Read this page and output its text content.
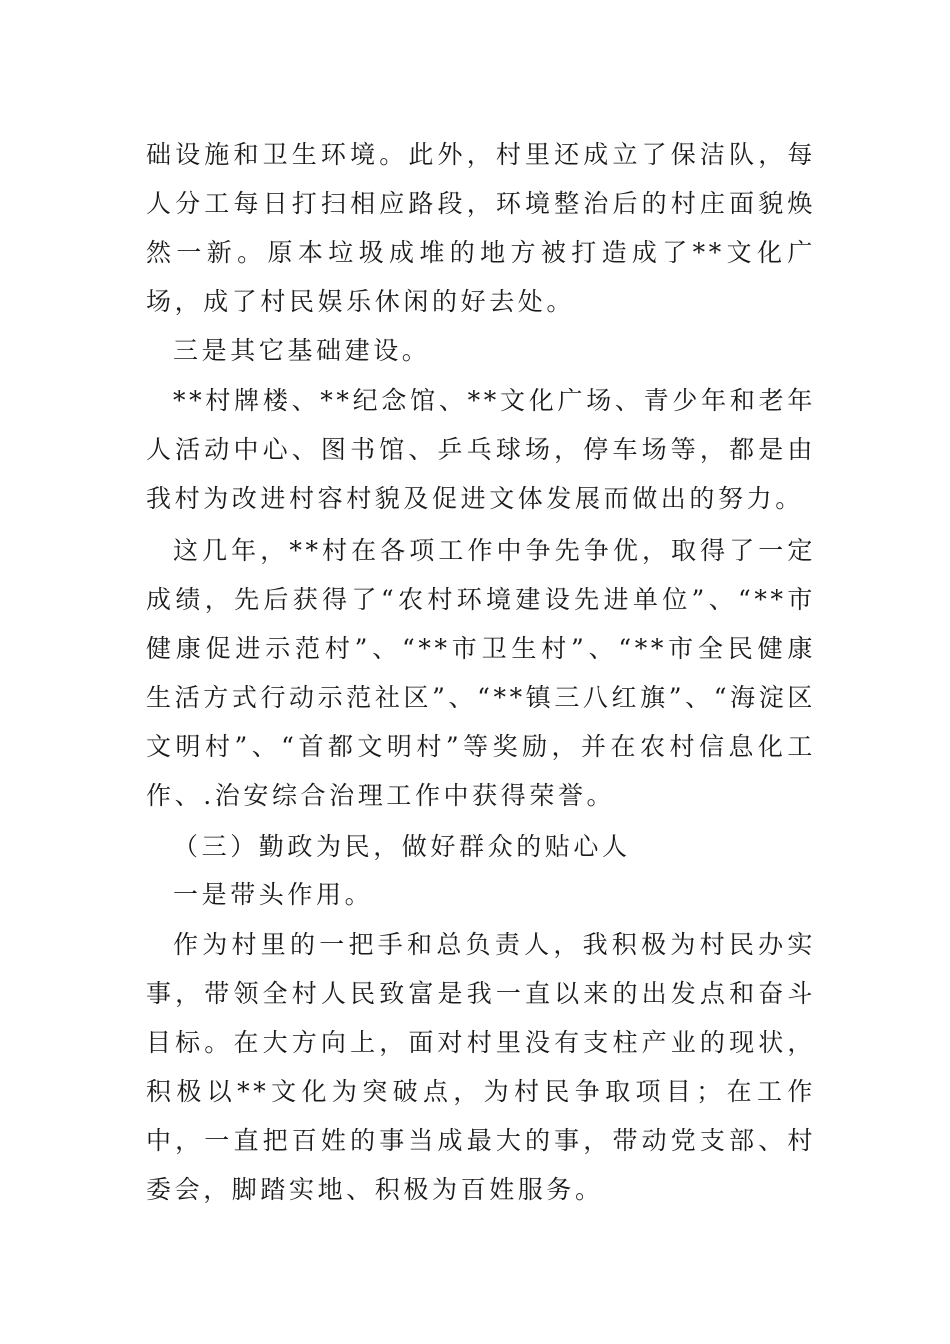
础设施和卫生环境。此外，村里还成立了保洁队，每人分工每日打扫相应路段，环境整治后的村庄面貌焕然一新。原本垃圾成堆的地方被打造成了**文化广场，成了村民娱乐休闲的好去处。

三是其它基础建设。

**村牌楼、**纪念馆、**文化广场、青少年和老年人活动中心、图书馆、乒乓球场，停车场等，都是由我村为改进村容村貌及促进文体发展而做出的努力。

这几年，**村在各项工作中争先争优，取得了一定成绩，先后获得了“农村环境建设先进单位”、“**市健康促进示范村”、“**市卫生村”、“**市全民健康生活方式行动示范社区”、“**镇三八红旗”、“海淀区文明村”、“首都文明村”等奖励，并在农村信息化工作、.治安综合治理工作中获得荣誉。

（三）勤政为民，做好群众的贴心人

一是带头作用。

作为村里的一把手和总负责人，我积极为村民办实事，带领全村人民致富是我一直以来的出发点和奋斗目标。在大方向上，面对村里没有支柱产业的现状，积极以**文化为突破点，为村民争取项目；在工作中，一直把百姓的事当成最大的事，带动党支部、村委会，脚踏实地、积极为百姓服务。
